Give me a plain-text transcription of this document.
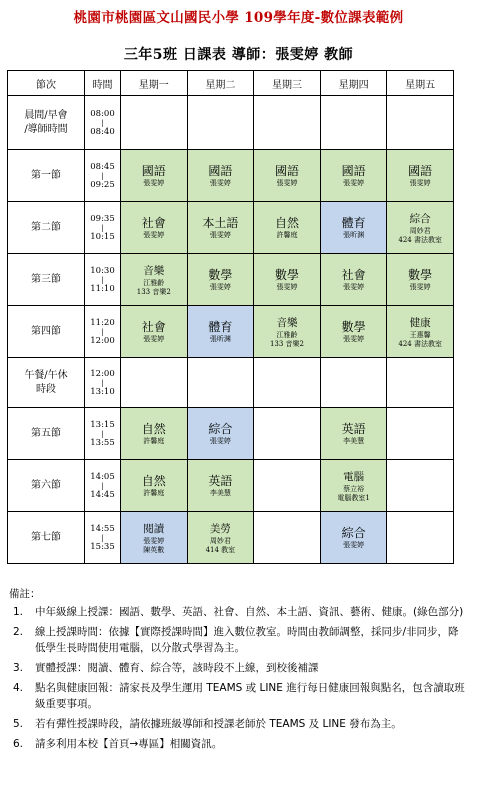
桃園市桃園區文山國民小學 109學年度-數位課表範例
三年5班 日課表 導師：張雯婷 教師
節次	時間	星期一	星期二	星期三	星期四	星期五

晨間/早會
/導師時間	08:00
|
08:40					

第一節	08:45
|
09:25	國語
張雯婷	國語
張雯婷	國語
張雯婷	國語
張雯婷	國語
張雯婷

第二節	09:35
|
10:15	社會
張雯婷	本土語
張雯婷	自然
許馨庭	體育
張昕渊	綜合
周妙君
424 書法教室

第三節	10:30
|
11:10	音樂
江雅齡
133 音樂2	數學
張雯婷	數學
張雯婷	社會
張雯婷	數學
張雯婷

第四節	11:20
|
12:00	社會
張雯婷	體育
張昕渊	音樂
江雅齡
133 音樂2	數學
張雯婷	健康
王惠馨
424 書法教室

午餐/午休
時段	12:00
|
13:10					

第五節	13:15
|
13:55	自然
許馨庭	綜合
張雯婷		英語
李美慧	

第六節	14:05
|
14:45	自然
許馨庭	英語
李美慧		電腦
蔡立裕
電腦教室1	

第七節	14:55
|
15:35	閱讀
張雯婷
陳英數	美勞
周妙君
414 教室		綜合
張雯婷	

備註：
1.	中年級線上授課：國語、數學、英語、社會、自然、本土語、資訊、藝術、健康。(綠色部分)
2.	線上授課時間：依據【實際授課時間】進入數位教室。時間由教師調整，採同步/非同步，降低學生長時間使用電腦，以分散式學習為主。
3.	實體授課：閱讀、體育、綜合等，該時段不上線，到校後補課
4.	點名與健康回報：請家長及學生運用 TEAMS 或 LINE 進行每日健康回報與點名，包含讀取班級重要事項。
5.	若有彈性授課時段，請依據班級導師和授課老師於 TEAMS 及 LINE 發布為主。
6.	請多利用本校【首頁→專區】相關資訊。
